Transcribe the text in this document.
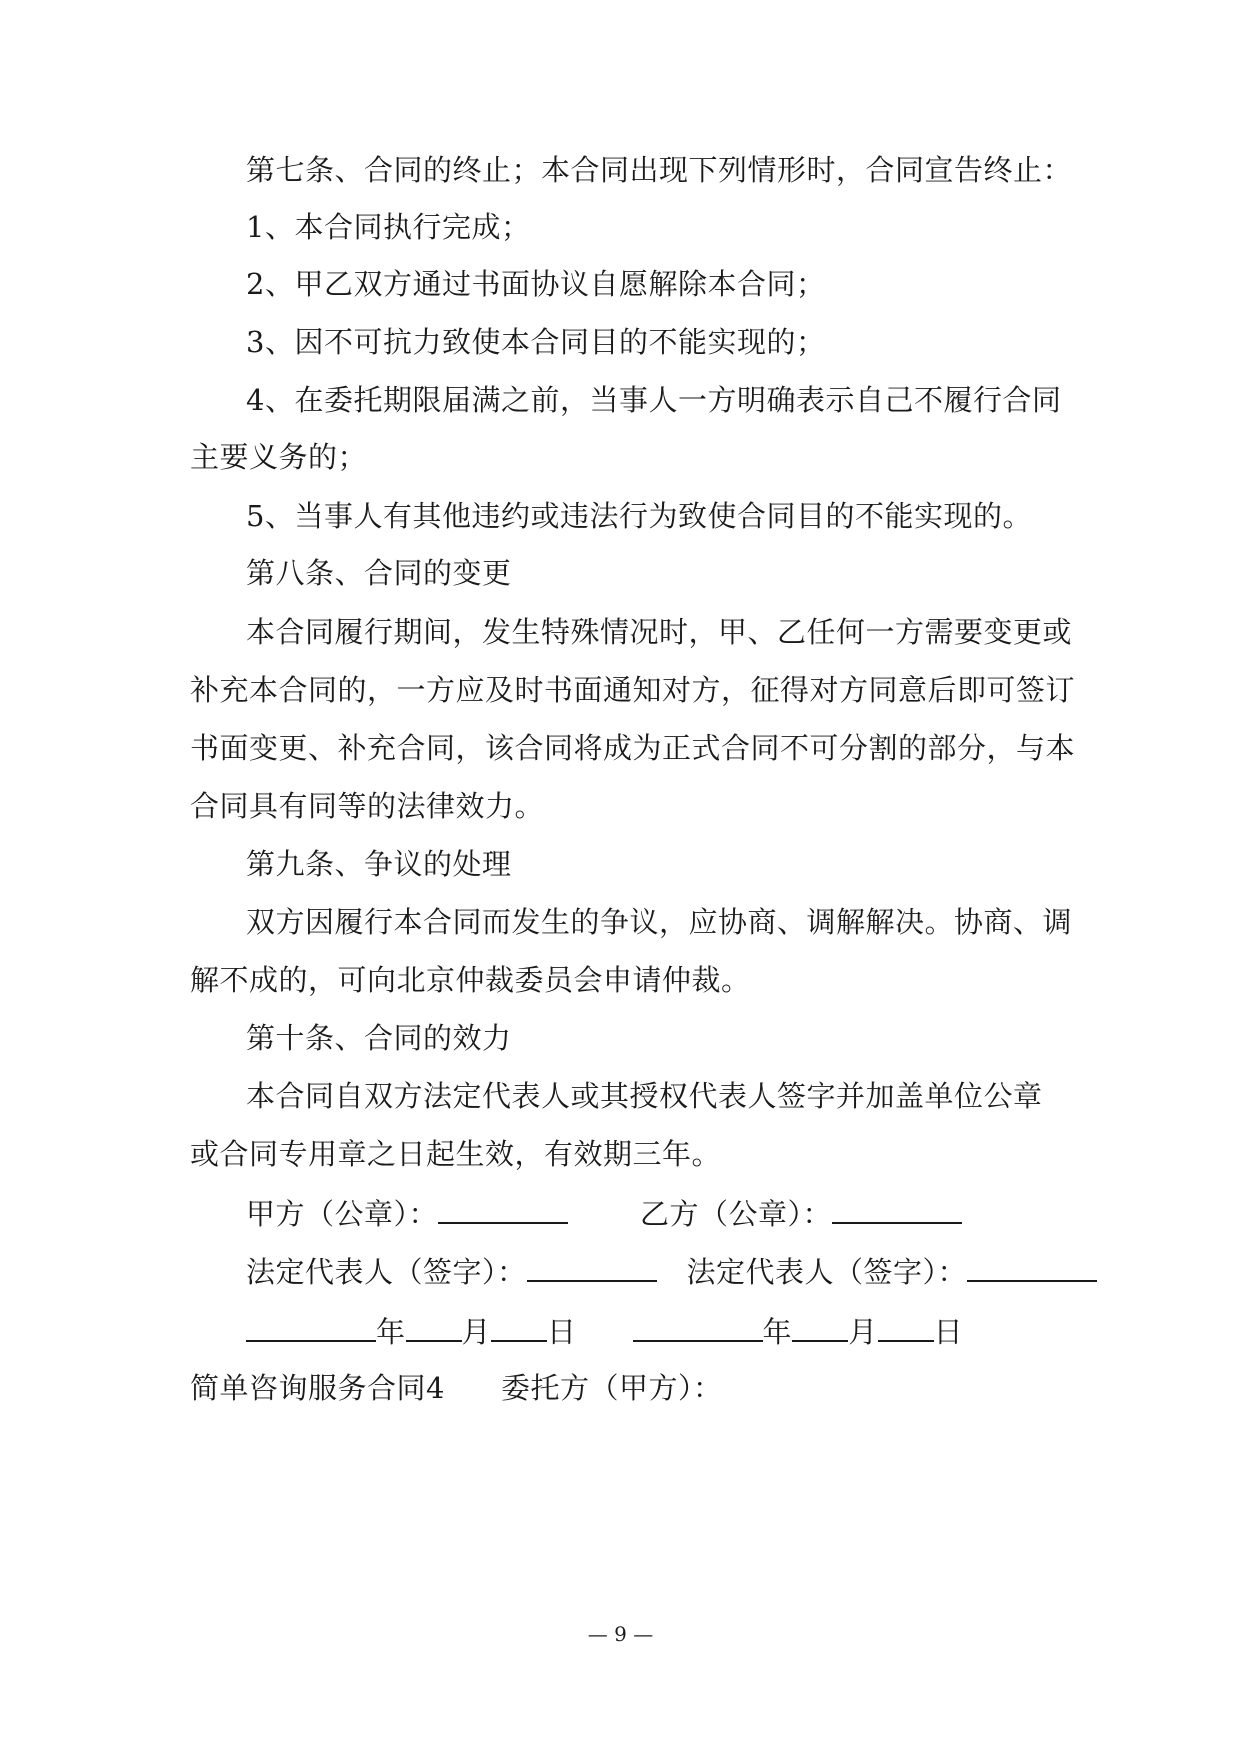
第七条、合同的终止；本合同出现下列情形时，合同宣告终止：
1、本合同执行完成；
2、甲乙双方通过书面协议自愿解除本合同；
3、因不可抗力致使本合同目的不能实现的；
4、在委托期限届满之前，当事人一方明确表示自己不履行合同
主要义务的；
5、当事人有其他违约或违法行为致使合同目的不能实现的。
第八条、合同的变更
本合同履行期间，发生特殊情况时，甲、乙任何一方需要变更或
补充本合同的，一方应及时书面通知对方，征得对方同意后即可签订
书面变更、补充合同，该合同将成为正式合同不可分割的部分，与本
合同具有同等的法律效力。
第九条、争议的处理
双方因履行本合同而发生的争议，应协商、调解解决。协商、调
解不成的，可向北京仲裁委员会申请仲裁。
第十条、合同的效力
本合同自双方法定代表人或其授权代表人签字并加盖单位公章
或合同专用章之日起生效，有效期三年。
甲方（公章）：	乙方（公章）：
法定代表人（签字）：	法定代表人（签字）：
年 月 日	年 月 日
简单咨询服务合同4 委托方（甲方）：
— 9 —
